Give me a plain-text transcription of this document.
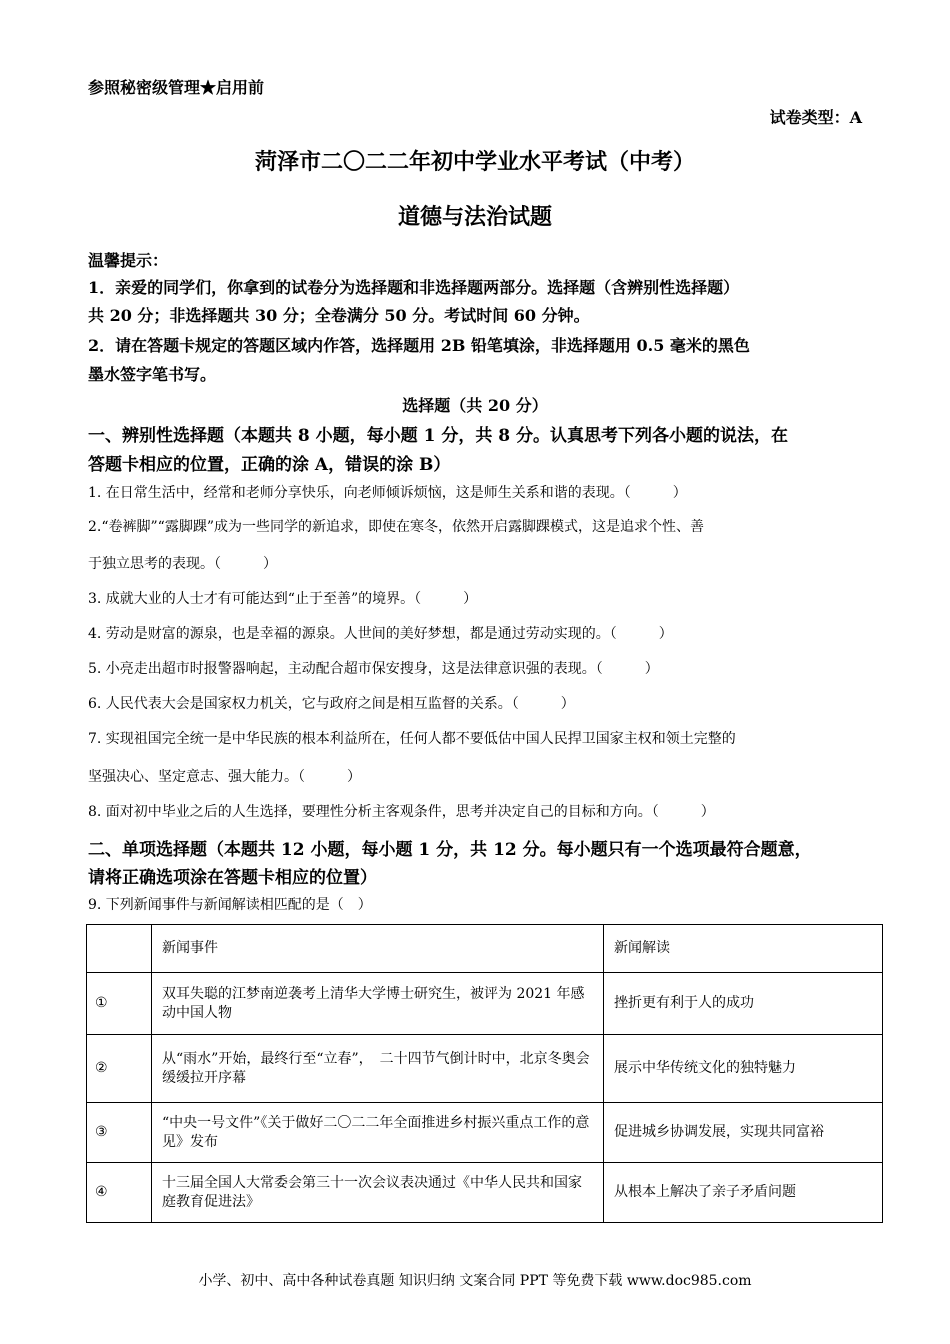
参照秘密级管理★启用前
试卷类型：A
菏泽市二〇二二年初中学业水平考试（中考）
道德与法治试题
温馨提示：
1．亲爱的同学们，你拿到的试卷分为选择题和非选择题两部分。选择题（含辨别性选择题）
共 20 分；非选择题共 30 分；全卷满分 50 分。考试时间 60 分钟。
2．请在答题卡规定的答题区域内作答，选择题用 2B 铅笔填涂，非选择题用 0.5 毫米的黑色
墨水签字笔书写。
选择题（共 20 分）
一、辨别性选择题（本题共 8 小题，每小题 1 分，共 8 分。认真思考下列各小题的说法，在
答题卡相应的位置，正确的涂 A，错误的涂 B）
1. 在日常生活中，经常和老师分享快乐，向老师倾诉烦恼，这是师生关系和谐的表现。（　　　）
2.“卷裤脚”“露脚踝”成为一些同学的新追求，即使在寒冬，依然开启露脚踝模式，这是追求个性、善
于独立思考的表现。（　　　）
3. 成就大业的人士才有可能达到“止于至善”的境界。（　　　）
4. 劳动是财富的源泉，也是幸福的源泉。人世间的美好梦想，都是通过劳动实现的。（　　　）
5. 小亮走出超市时报警器响起，主动配合超市保安搜身，这是法律意识强的表现。（　　　）
6. 人民代表大会是国家权力机关，它与政府之间是相互监督的关系。（　　　）
7. 实现祖国完全统一是中华民族的根本利益所在，任何人都不要低估中国人民捍卫国家主权和领土完整的
坚强决心、坚定意志、强大能力。（　　　）
8. 面对初中毕业之后的人生选择，要理性分析主客观条件，思考并决定自己的目标和方向。（　　　）
二、单项选择题（本题共 12 小题，每小题 1 分，共 12 分。每小题只有一个选项最符合题意，
请将正确选项涂在答题卡相应的位置）
9. 下列新闻事件与新闻解读相匹配的是（　）
	新闻事件	新闻解读
①	双耳失聪的江梦南逆袭考上清华大学博士研究生，被评为 2021 年感动中国人物	挫折更有利于人的成功
②	从“雨水”开始，最终行至“立春”，　二十四节气倒计时中，北京冬奥会缓缓拉开序幕	展示中华传统文化的独特魅力
③	“中央一号文件”《关于做好二〇二二年全面推进乡村振兴重点工作的意见》发布	促进城乡协调发展，实现共同富裕
④	十三届全国人大常委会第三十一次会议表决通过《中华人民共和国家庭教育促进法》	从根本上解决了亲子矛盾问题
小学、初中、高中各种试卷真题 知识归纳 文案合同 PPT 等免费下载 www.doc985.com
